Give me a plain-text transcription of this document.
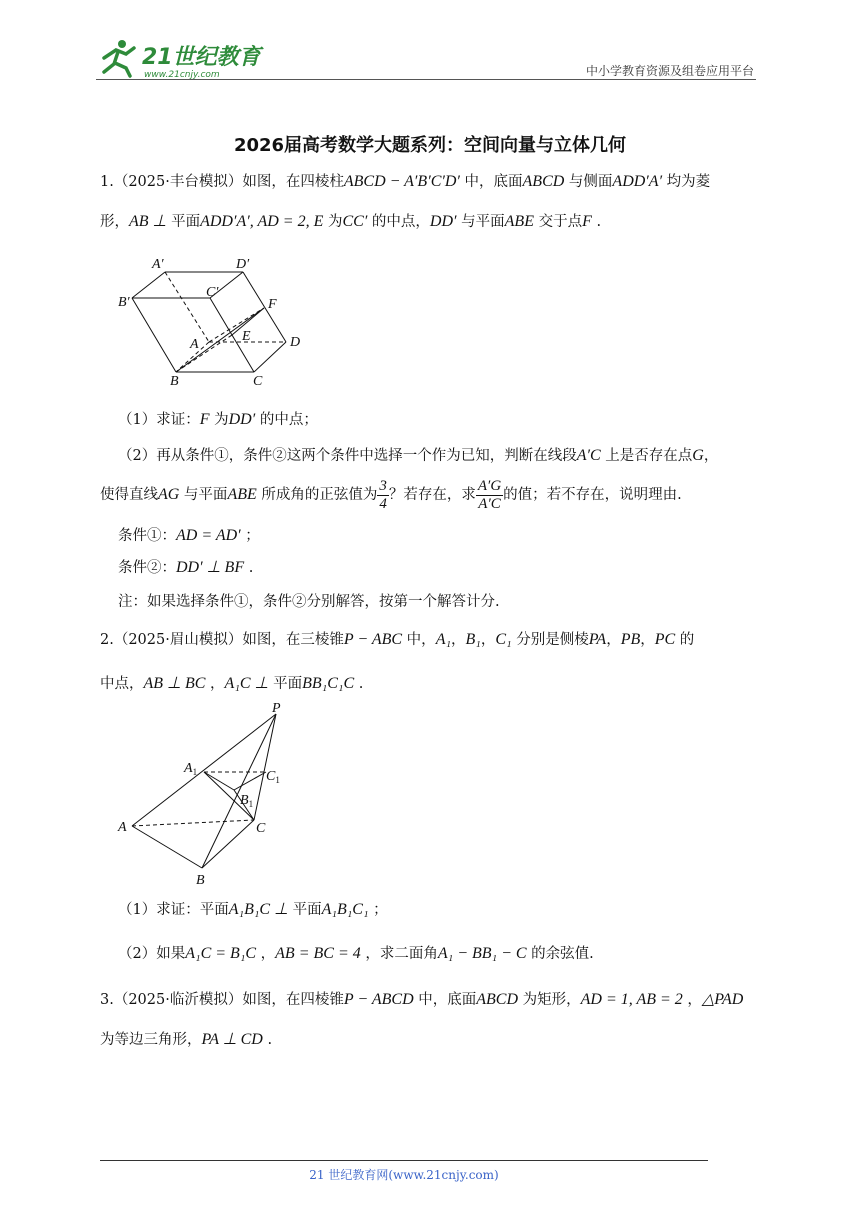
21世纪教育
www.21cnjy.com	中小学教育资源及组卷应用平台
2026届高考数学大题系列：空间向量与立体几何
1.（2025·丰台模拟）如图，在四棱柱ABCD − A′B′C′D′ 中，底面ABCD 与侧面ADD′A′ 均为菱
形，AB ⊥ 平面ADD′A′, AD = 2, E 为CC′ 的中点，DD′ 与平面ABE 交于点F .
A′	D′
B′
C′
F
E
A	D
B	C
（1）求证：F 为DD′ 的中点；
（2）再从条件①，条件②这两个条件中选择一个作为已知，判断在线段A′C 上是否存在点G，
使得直线AG 与平面ABE 所成角的正弦值为 $\frac{3}{4}$ ？若存在，求 $\frac{A'G}{A'C}$ 的值；若不存在，说明理由.
条件①：AD = AD′ ；
条件②：DD′ ⊥ BF .
注：如果选择条件①，条件②分别解答，按第一个解答计分.
2.（2025·眉山模拟）如图，在三棱锥P − ABC 中，A₁，B₁，C₁ 分别是侧棱PA，PB，PC 的
中点，AB ⊥ BC ，A₁C ⊥ 平面BB₁C₁C .
P
$A_1$	$C_1$
$B_1$
A	C
B
（1）求证：平面A₁B₁C ⊥ 平面A₁B₁C₁ ；
（2）如果A₁C = B₁C ，AB = BC = 4 ，求二面角A₁ − BB₁ − C 的余弦值.
3.（2025·临沂模拟）如图，在四棱锥P − ABCD 中，底面ABCD 为矩形，AD = 1, AB = 2 ，△PAD
为等边三角形，PA ⊥ CD .
21 世纪教育网(www.21cnjy.com)
